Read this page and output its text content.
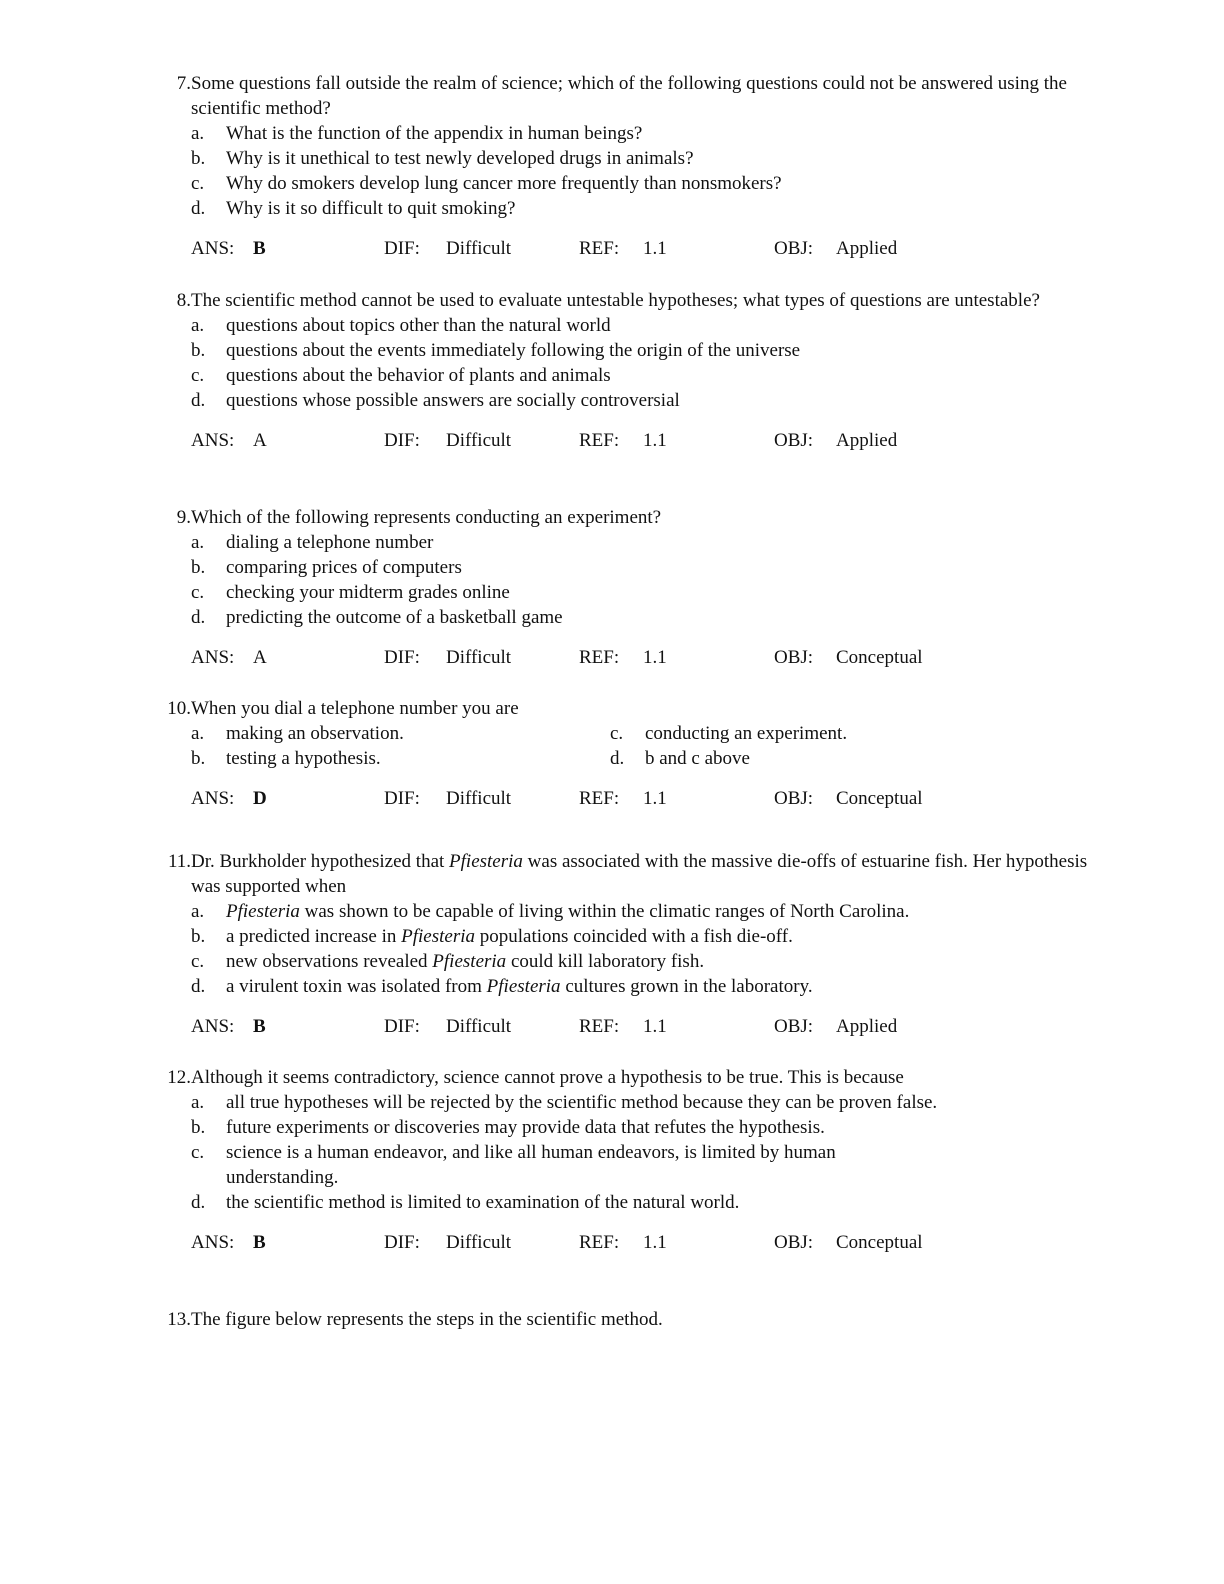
7. Some questions fall outside the realm of science; which of the following questions could not be answered using the scientific method?
a.	What is the function of the appendix in human beings?
b.	Why is it unethical to test newly developed drugs in animals?
c.	Why do smokers develop lung cancer more frequently than nonsmokers?
d.	Why is it so difficult to quit smoking?
ANS: B	DIF:	Difficult	REF:	1.1	OBJ:	Applied
8. The scientific method cannot be used to evaluate untestable hypotheses; what types of questions are untestable?
a.	questions about topics other than the natural world
b.	questions about the events immediately following the origin of the universe
c.	questions about the behavior of plants and animals
d.	questions whose possible answers are socially controversial
ANS: A	DIF:	Difficult	REF:	1.1	OBJ:	Applied
9. Which of the following represents conducting an experiment?
a.	dialing a telephone number
b.	comparing prices of computers
c.	checking your midterm grades online
d.	predicting the outcome of a basketball game
ANS: A	DIF:	Difficult	REF:	1.1	OBJ:	Conceptual
10. When you dial a telephone number you are
a.	making an observation.	c.	conducting an experiment.
b.	testing a hypothesis.	d.	b and c above
ANS: D	DIF:	Difficult	REF:	1.1	OBJ:	Conceptual
11. Dr. Burkholder hypothesized that Pfiesteria was associated with the massive die-offs of estuarine fish. Her hypothesis was supported when
a.	Pfiesteria was shown to be capable of living within the climatic ranges of North Carolina.
b.	a predicted increase in Pfiesteria populations coincided with a fish die-off.
c.	new observations revealed Pfiesteria could kill laboratory fish.
d.	a virulent toxin was isolated from Pfiesteria cultures grown in the laboratory.
ANS: B	DIF:	Difficult	REF:	1.1	OBJ:	Applied
12. Although it seems contradictory, science cannot prove a hypothesis to be true. This is because
a.	all true hypotheses will be rejected by the scientific method because they can be proven false.
b.	future experiments or discoveries may provide data that refutes the hypothesis.
c.	science is a human endeavor, and like all human endeavors, is limited by human understanding.
d.	the scientific method is limited to examination of the natural world.
ANS: B	DIF:	Difficult	REF:	1.1	OBJ:	Conceptual
13. The figure below represents the steps in the scientific method.
